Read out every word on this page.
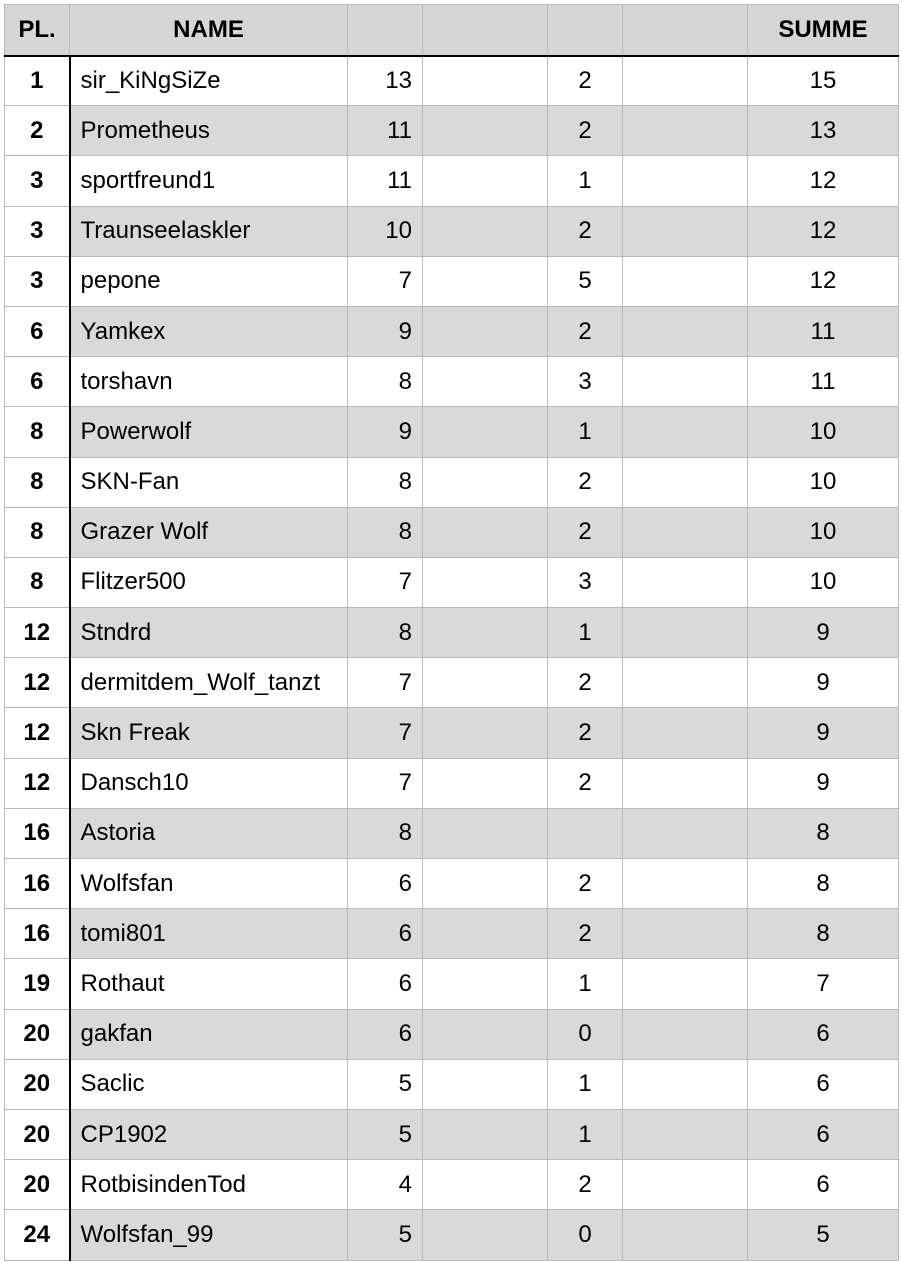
PL.	NAME					SUMME
1	sir_KiNgSiZe	13		2		15
2	Prometheus	11		2		13
3	sportfreund1	11		1		12
3	Traunseelaskler	10		2		12
3	pepone	7		5		12
6	Yamkex	9		2		11
6	torshavn	8		3		11
8	Powerwolf	9		1		10
8	SKN-Fan	8		2		10
8	Grazer Wolf	8		2		10
8	Flitzer500	7		3		10
12	Stndrd	8		1		9
12	dermitdem_Wolf_tanzt	7		2		9
12	Skn Freak	7		2		9
12	Dansch10	7		2		9
16	Astoria	8				8
16	Wolfsfan	6		2		8
16	tomi801	6		2		8
19	Rothaut	6		1		7
20	gakfan	6		0		6
20	Saclic	5		1		6
20	CP1902	5		1		6
20	RotbisindenTod	4		2		6
24	Wolfsfan_99	5		0		5
